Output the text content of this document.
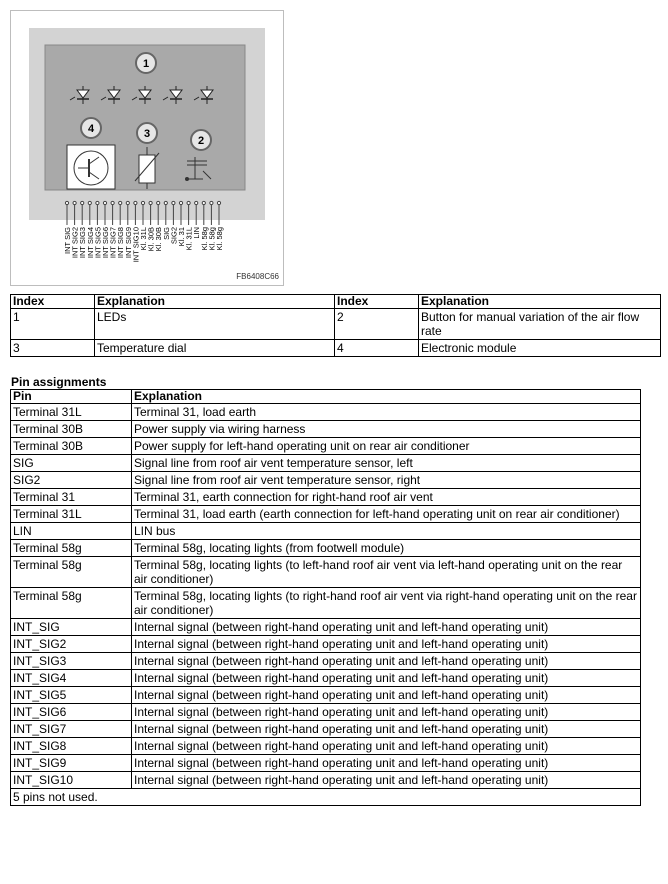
1
4	3
2
INT SIG
INT SIG2
INT SIG3
INT SIG4
INT SIG5
INT SIG6
INT SIG7
INT SIG8
INT SIG9
INT SIG10
Kl. 31L
Kl. 30B
Kl. 30B
SIG
SIG2
Kl. 31
Kl. 31L
LIN
Kl. 58g
Kl. 58g
Kl. 58g
FB6408C66
Index	Explanation	Index	Explanation
1	LEDs	2	Button for manual variation of the air flow rate
3	Temperature dial	4	Electronic module
Pin assignments
Pin	Explanation
Terminal 31L	Terminal 31, load earth
Terminal 30B	Power supply via wiring harness
Terminal 30B	Power supply for left-hand operating unit on rear air conditioner
SIG	Signal line from roof air vent temperature sensor, left
SIG2	Signal line from roof air vent temperature sensor, right
Terminal 31	Terminal 31, earth connection for right-hand roof air vent
Terminal 31L	Terminal 31, load earth (earth connection for left-hand operating unit on rear air conditioner)
LIN	LIN bus
Terminal 58g	Terminal 58g, locating lights (from footwell module)
Terminal 58g	Terminal 58g, locating lights (to left-hand roof air vent via left-hand operating unit on the rear air conditioner)
Terminal 58g	Terminal 58g, locating lights (to right-hand roof air vent via right-hand operating unit on the rear air conditioner)
INT_SIG	Internal signal (between right-hand operating unit and left-hand operating unit)
INT_SIG2	Internal signal (between right-hand operating unit and left-hand operating unit)
INT_SIG3	Internal signal (between right-hand operating unit and left-hand operating unit)
INT_SIG4	Internal signal (between right-hand operating unit and left-hand operating unit)
INT_SIG5	Internal signal (between right-hand operating unit and left-hand operating unit)
INT_SIG6	Internal signal (between right-hand operating unit and left-hand operating unit)
INT_SIG7	Internal signal (between right-hand operating unit and left-hand operating unit)
INT_SIG8	Internal signal (between right-hand operating unit and left-hand operating unit)
INT_SIG9	Internal signal (between right-hand operating unit and left-hand operating unit)
INT_SIG10	Internal signal (between right-hand operating unit and left-hand operating unit)
5 pins not used.	
